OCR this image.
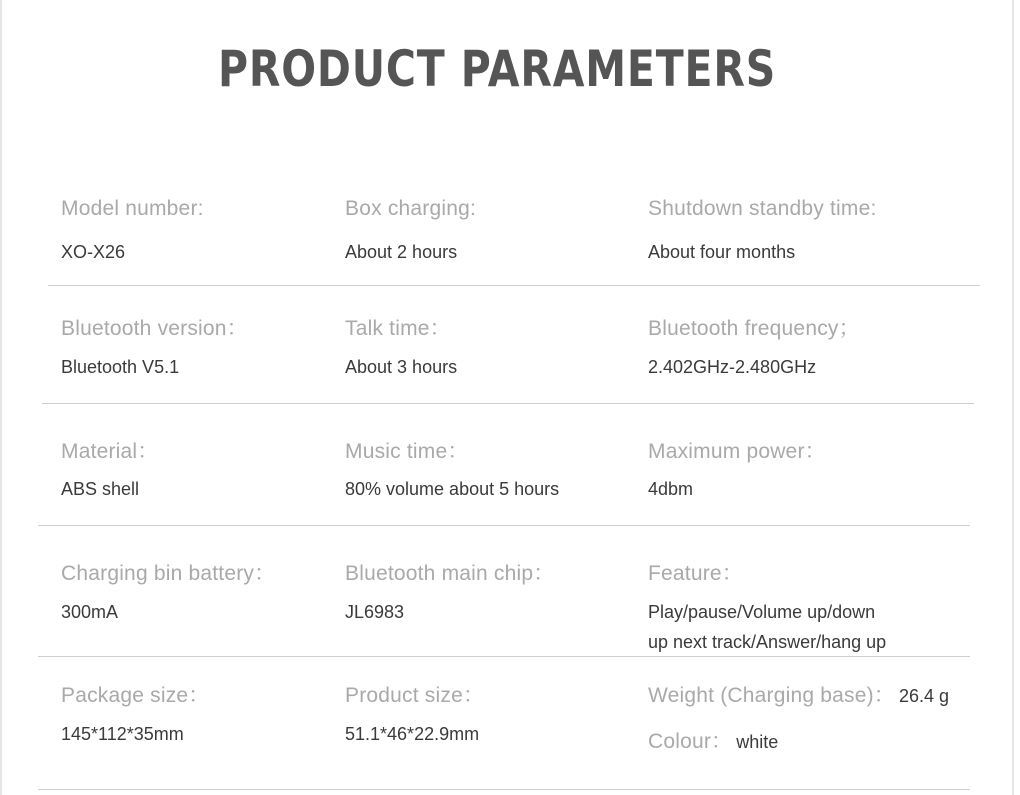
PRODUCT PARAMETERS
Model number:
XO-X26
Box charging:
About 2 hours
Shutdown standby time:
About four months
Bluetooth version：
Bluetooth V5.1
Talk time：
About 3 hours
Bluetooth frequency；
2.402GHz-2.480GHz
Material：
ABS shell
Music time：
80% volume about 5 hours
Maximum power：
4dbm
Charging bin battery：
300mA
Bluetooth main chip：
JL6983
Feature：
Play/pause/Volume up/down
up next track/Answer/hang up
Package size：
145*112*35mm
Product size：
51.1*46*22.9mm
Weight (Charging base)： 26.4 g
Colour： white
